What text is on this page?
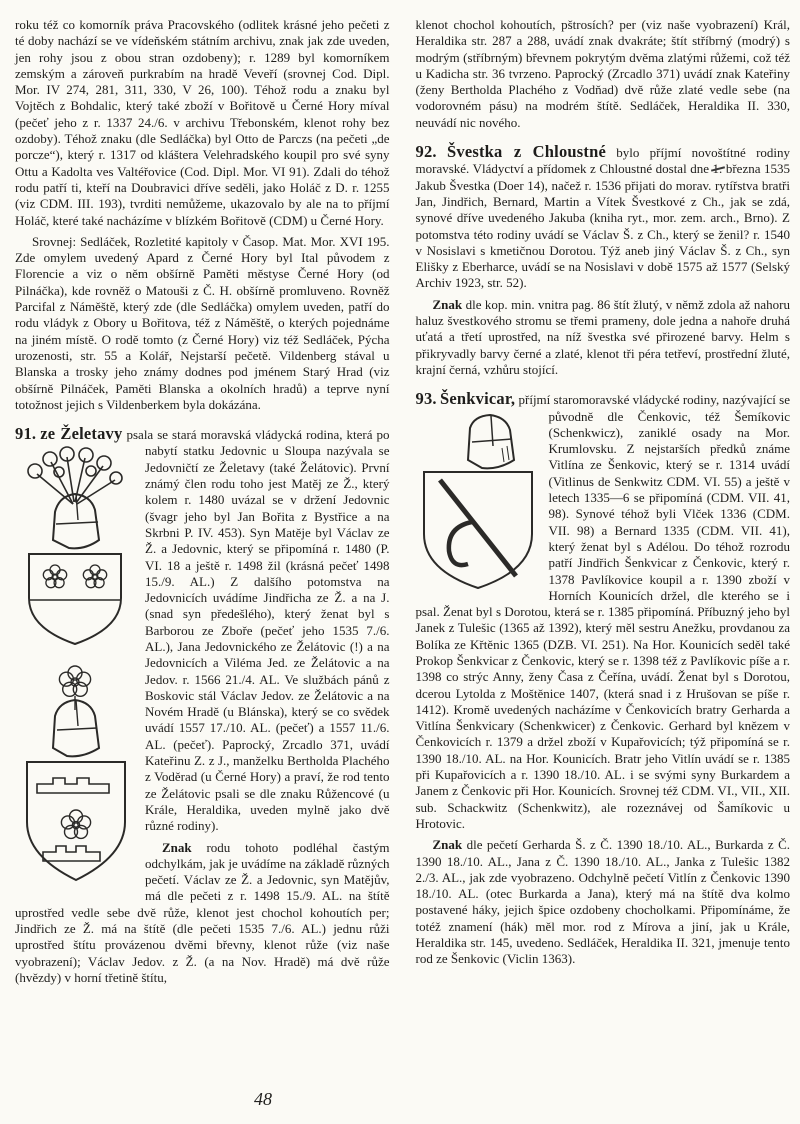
roku též co komorník práva Pracovského (odlitek krásné jeho pečeti z té doby nachází se ve vídeňském státním archivu, znak jak zde uveden, jen rohy jsou z obou stran ozdobeny); r. 1289 byl komorníkem zemským a zároveň purkrabím na hradě Veveří (srovnej Cod. Dipl. Mor. IV 274, 281, 311, 330, V 26, 100). Téhož rodu a znaku byl Vojtěch z Bohdalic, který také zboží v Bořitově u Černé Hory míval (pečeť jeho z r. 1337 24./6. v archivu Třebonském, klenot rohy bez ozdoby). Téhož znaku (dle Sedláčka) byl Otto de Parczs (na pečeti „de porcze“), který r. 1317 od kláštera Velehradského koupil pro své syny Ottu a Kadolta ves Valtéřovice (Cod. Dipl. Mor. VI 91). Zdali do téhož rodu patří ti, kteří na Doubravici dříve seděli, jako Holáč z D. r. 1255 (viz CDM. III. 193), tvrditi nemůžeme, ukazovalo by ale na to příjmí Holáč, které také nacházíme v blízkém Bořitově (CDM) u Černé Hory.

Srovnej: Sedláček, Rozletité kapitoly v Časop. Mat. Mor. XVI 195. Zde omylem uvedený Apard z Černé Hory byl Ital původem z Florencie a viz o něm obšírně Paměti městyse Černé Hory (od Pilnáčka), kde rovněž o Matouši z Č. H. obšírně promluveno. Rovněž Parcifal z Náměště, který zde (dle Sedláčka) omylem uveden, patří do rodu vládyk z Obory u Bořitova, též z Náměště, o kterých pojednáme na jiném místě. O rodě tomto (z Černé Hory) viz též Sedláček, Pýcha urozenosti, str. 55 a Kolář, Nejstarší pečetě. Vildenberg stával u Blanska a trosky jeho známy dodnes pod jménem Starý Hrad (viz obšírně Pilnáček, Paměti Blanska a okolních hradů) a teprve nyní totožnost jejich s Vildenberkem byla dokázána.

91. ze Želetavy psala se stará moravská vládycká rodina, která po nabytí statku Jedovnic u Sloupa nazývala se Jedovničtí ze Želetavy (také Želátovic). První známý člen rodu toho jest Matěj ze Ž., který kolem r. 1480 uvázal se v držení Jedovnic (švagr jeho byl Jan Bořita z Bystřice a na Skrbni P. IV. 453). Syn Matěje byl Václav ze Ž. a Jedovnic, který se připomíná r. 1480 (P. VI. 18 a ještě r. 1498 žil (krásná pečeť 1498 15./9. AL.) Z dalšího potomstva na Jedovnicích uvádíme Jindřicha ze Ž. a na J. (snad syn předešlého), který ženat byl s Barborou ze Zboře (pečeť jeho 1535 7./6. AL.), Jana Jedovnického ze Želátovic (!) a na Jedovnicích a Viléma Jed. ze Želátovic a na Jedov. r. 1566 21./4. AL. Ve službách pánů z Boskovic stál Václav Jedov. ze Želátovic a na Novém Hradě (u Blánska), který se co svědek uvádí 1557 17./10. AL. (pečeť) a 1557 11./6. AL. (pečeť). Paprocký, Zrcadlo 371, uvádí Kateřinu Z. z J., manželku Bertholda Plachého z Voděrad (u Černé Hory) a praví, že rod tento ze Želátovic psali se dle znaku Růžencové (u Krále, Heraldika, uveden mylně jako dvě různé rodiny).

Znak rodu tohoto podléhal častým odchylkám, jak je uvádíme na základě různých pečetí. Václav ze Ž. a Jedovnic, syn Matějův, má dle pečeti z r. 1498 15./9. AL. na štítě uprostřed vedle sebe dvě růže, klenot jest chochol kohoutích per; Jindřich ze Ž. má na štítě (dle pečeti 1535 7./6. AL.) jednu růži uprostřed štítu provázenou dvěmi břevny, klenot růže (viz naše vyobrazení); Václav Jedov. z Ž. (a na Nov. Hradě) má dvě růže (hvězdy) v horní třetině štítu,

klenot chochol kohoutích, pštrosích? per (viz naše vyobrazení) Král, Heraldika str. 287 a 288, uvádí znak dvakráte; štít stříbrný (modrý) s modrým (stříbrným) břevnem pokrytým dvěma zlatými růžemi, což též u Kadicha str. 36 tvrzeno. Paprocký (Zrcadlo 371) uvádí znak Kateřiny (ženy Bertholda Plachého z Vodňad) dvě růže zlaté vedle sebe (na vodorovném pásu) na modrém štítě. Sedláček, Heraldika II. 330, neuvádí nic nového.

92. Švestka z Chloustné bylo příjmí novoštítné rodiny moravské. Vládyctví a přídomek z Chloustné dostal dne 1. března 1535 Jakub Švestka (Doer 14), načež r. 1536 přijati do morav. rytířstva bratři Jan, Jindřich, Bernard, Martin a Vítek Švestkové z Ch., jak se zdá, synové dříve uvedeného Jakuba (kniha ryt., mor. zem. arch., Brno). Z potomstva této rodiny uvádí se Václav Š. z Ch., který se ženil? r. 1540 v Nosislavi s kmetičnou Dorotou. Týž aneb jiný Václav Š. z Ch., syn Elišky z Eberharce, uvádí se na Nosislavi v době 1575 až 1577 (Selský Archiv 1923, str. 52).

Znak dle kop. min. vnitra pag. 86 štít žlutý, v němž zdola až nahoru haluz švestkového stromu se třemi prameny, dole jedna a nahoře druhá uťatá a třetí uprostřed, na níž švestka své přirozené barvy. Helm s přikryvadly barvy černé a zlaté, klenot tři péra tetřeví, prostřední žluté, krajní černá, vzhůru stojící.

93. Šenkvicar, příjmí staromoravské vládycké rodiny, nazývající se původně dle Čenkovic, též Šemíkovic (Schenkwicz), zaniklé osady na Mor. Krumlovsku. Z nejstarších předků známe Vitlína ze Šenkovic, který se r. 1314 uvádí (Vitlinus de Senkwitz CDM. VI. 55) a ještě v letech 1335—6 se připomíná (CDM. VII. 41, 98). Synové téhož byli Vlček 1336 (CDM. VII. 98) a Bernard 1335 (CDM. VII. 41), který ženat byl s Adélou. Do téhož rozrodu patří Jindřich Šenkvicar z Čenkovic, který r. 1378 Pavlíkovice koupil a r. 1390 zboží v Horních Kounicích držel, dle kterého se i psal. Ženat byl s Dorotou, která se r. 1385 připomíná. Příbuzný jeho byl Janek z Tulešic (1365 až 1392), který měl sestru Anežku, provdanou za Bolíka ze Křtěnic 1365 (DZB. VI. 251). Na Hor. Kounicích seděl také Prokop Šenkvicar z Čenkovic, který se r. 1398 též z Pavlíkovic píše a r. 1398 co strýc Anny, ženy Časa z Čeřína, uvádí. Ženat byl s Dorotou, dcerou Lytolda z Moštěnice 1407, (která snad i z Hrušovan se píše r. 1412). Kromě uvedených nacházíme v Čenkovicích bratry Gerharda a Vitlína Šenkvicary (Schenkwicer) z Čenkovic. Gerhard byl knězem v Čenkovicích r. 1379 a držel zboží v Kupařovicích; týž připomíná se r. 1390 18./10. AL. na Hor. Kounicích. Bratr jeho Vitlín uvádí se r. 1385 při Kupařovicích a r. 1390 18./10. AL. i se svými syny Burkardem a Janem z Čenkovic při Hor. Kounicích. Srovnej též CDM. VI., VII., XII. sub. Schackwitz (Schenkwitz), ale rozeznávej od Šamíkovic u Hrotovic.

Znak dle pečetí Gerharda Š. z Č. 1390 18./10. AL., Burkarda z Č. 1390 18./10. AL., Jana z Č. 1390 18./10. AL., Janka z Tulešic 1382 2./3. AL., jak zde vyobrazeno. Odchylně pečetí Vitlín z Čenkovic 1390 18./10. AL. (otec Burkarda a Jana), který má na štítě dva kolmo postavené háky, jejich špice ozdobeny chocholkami. Připomínáme, že totéž znamení (hák) měl mor. rod z Mírova a jiní, jak u Krále, Heraldika str. 145, uvedeno. Sedláček, Heraldika II. 321, jmenuje tento rod ze Šenkovic (Viclin 1363).

48
